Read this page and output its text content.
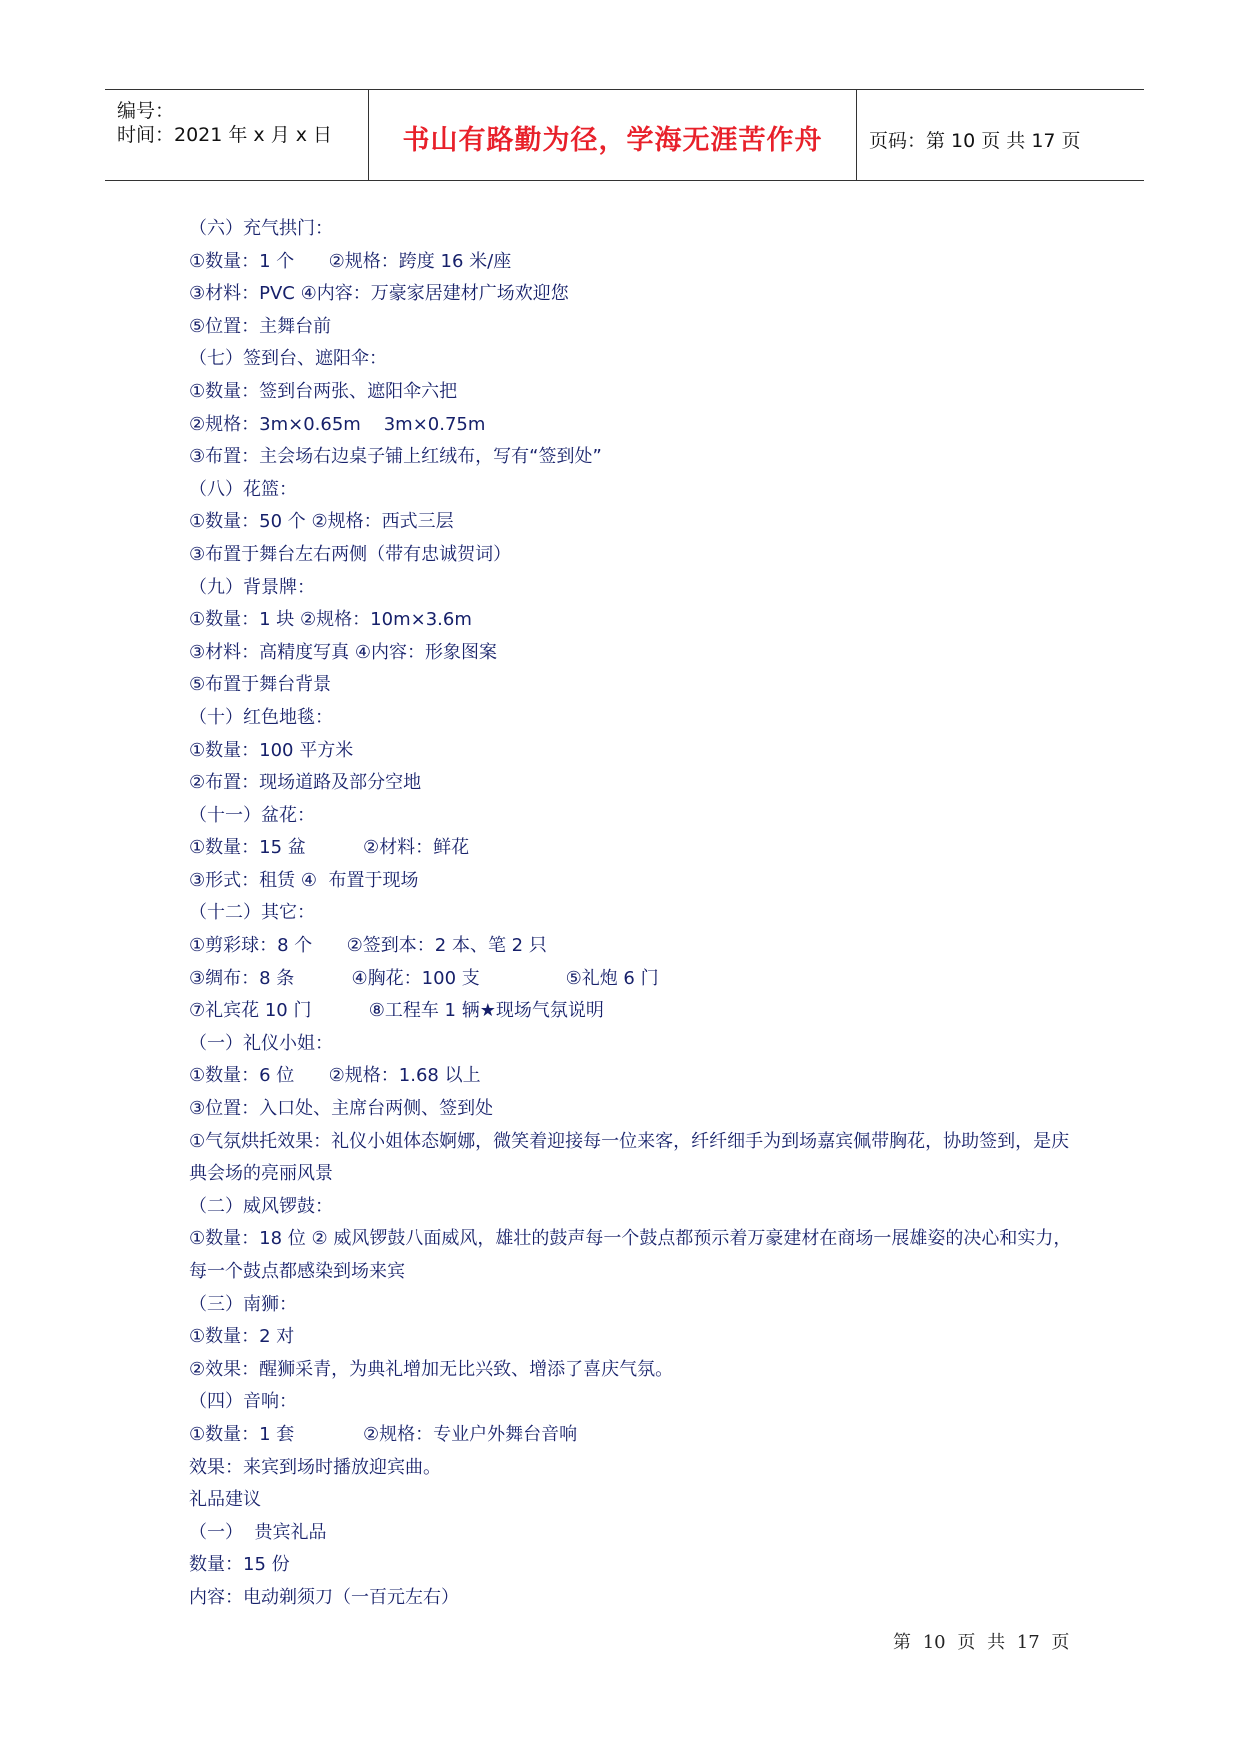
编号：
时间：2021 年 x 月 x 日	书山有路勤为径，学海无涯苦作舟	页码：第 10 页 共 17 页
（六）充气拱门：
①数量：1 个      ②规格：跨度 16 米/座
③材料：PVC ④内容：万豪家居建材广场欢迎您
⑤位置：主舞台前
（七）签到台、遮阳伞：
①数量：签到台两张、遮阳伞六把
②规格：3m×0.65m    3m×0.75m
③布置：主会场右边桌子铺上红绒布，写有“签到处”
（八）花篮：
①数量：50 个 ②规格：西式三层
③布置于舞台左右两侧（带有忠诚贺词）
（九）背景牌：
①数量：1 块 ②规格：10m×3.6m
③材料：高精度写真 ④内容：形象图案
⑤布置于舞台背景
（十）红色地毯：
①数量：100 平方米
②布置：现场道路及部分空地
（十一）盆花：
①数量：15 盆          ②材料：鲜花
③形式：租赁 ④  布置于现场
（十二）其它：
①剪彩球：8 个      ②签到本：2 本、笔 2 只
③绸布：8 条          ④胸花：100 支               ⑤礼炮 6 门
⑦礼宾花 10 门          ⑧工程车 1 辆★现场气氛说明
（一）礼仪小姐：
①数量：6 位      ②规格：1.68 以上
③位置：入口处、主席台两侧、签到处
①气氛烘托效果：礼仪小姐体态婀娜，微笑着迎接每一位来客，纤纤细手为到场嘉宾佩带胸花，协助签到，是庆典会场的亮丽风景
（二）威风锣鼓：
①数量：18 位 ② 威风锣鼓八面威风，雄壮的鼓声每一个鼓点都预示着万豪建材在商场一展雄姿的决心和实力，每一个鼓点都感染到场来宾
（三）南狮：
①数量：2 对
②效果：醒狮采青，为典礼增加无比兴致、增添了喜庆气氛。
（四）音响：
①数量：1 套            ②规格：专业户外舞台音响
效果：来宾到场时播放迎宾曲。
礼品建议
（一）  贵宾礼品
数量：15 份
内容：电动剃须刀（一百元左右）
第 10 页 共 17 页
